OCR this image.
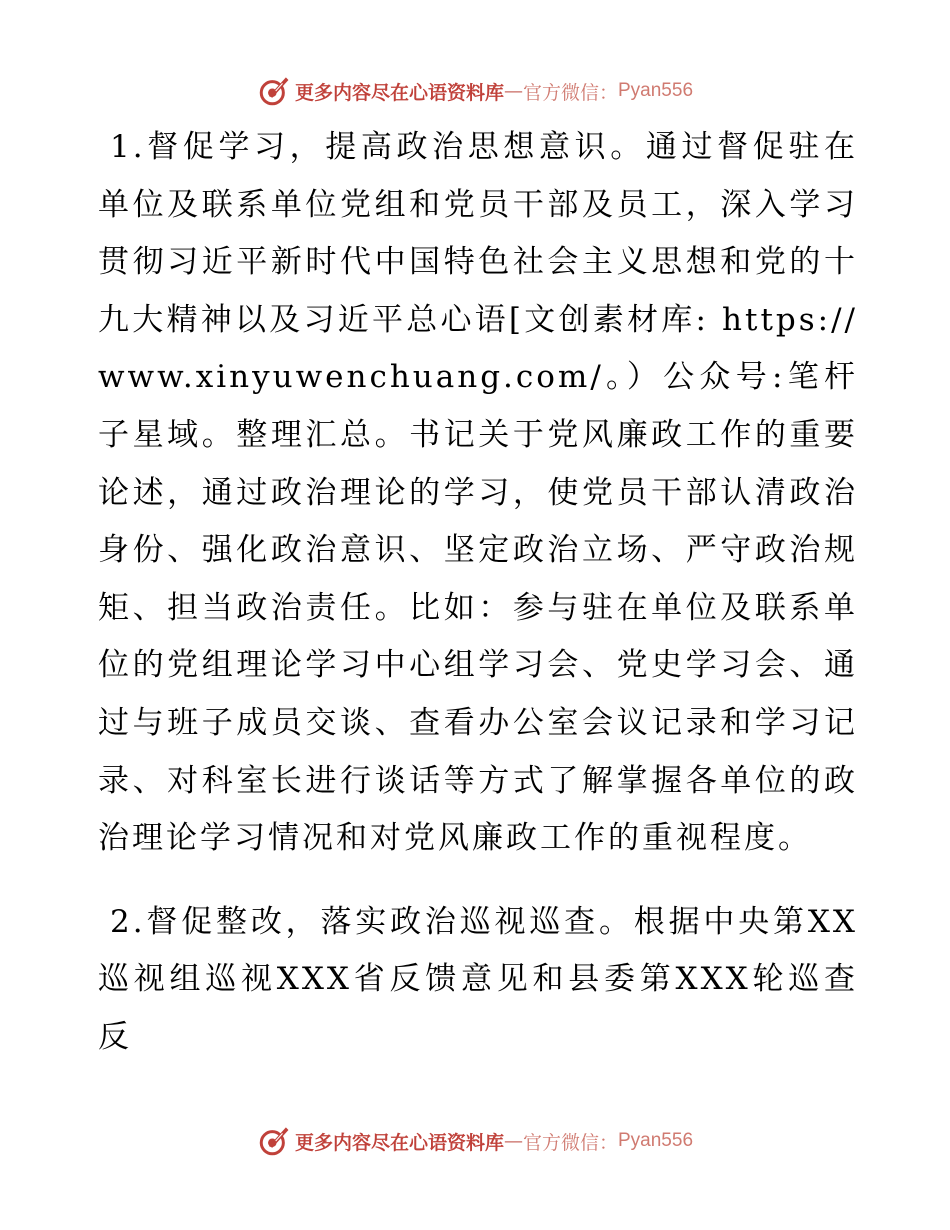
更多内容尽在心语资料库 — 官方微信： Pyan556

1.督促学习，提高政治思想意识。通过督促驻在单位及联系单位党组和党员干部及员工，深入学习贯彻习近平新时代中国特色社会主义思想和党的十九大精神以及习近平总心语[文创素材库: https://www.xinyuwenchuang.com/。）公众号:笔杆子星域。整理汇总。书记关于党风廉政工作的重要论述，通过政治理论的学习，使党员干部认清政治身份、强化政治意识、坚定政治立场、严守政治规矩、担当政治责任。比如：参与驻在单位及联系单位的党组理论学习中心组学习会、党史学习会、通过与班子成员交谈、查看办公室会议记录和学习记录、对科室长进行谈话等方式了解掌握各单位的政治理论学习情况和对党风廉政工作的重视程度。

2.督促整改，落实政治巡视巡查。根据中央第XX巡视组巡视XXX省反馈意见和县委第XXX轮巡查反

更多内容尽在心语资料库 — 官方微信： Pyan556
